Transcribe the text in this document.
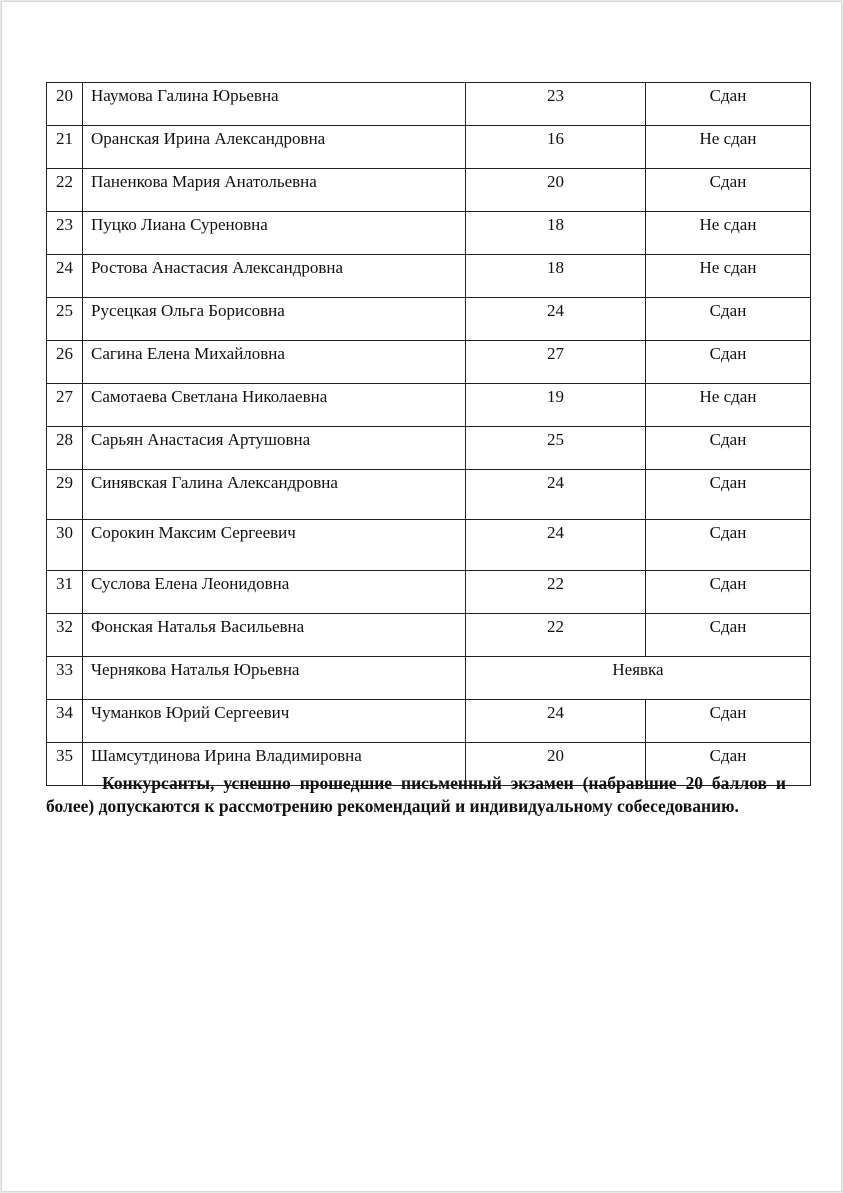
20	Наумова Галина Юрьевна	23	Сдан
21	Оранская Ирина Александровна	16	Не сдан
22	Паненкова Мария Анатольевна	20	Сдан
23	Пуцко Лиана Суреновна	18	Не сдан
24	Ростова Анастасия Александровна	18	Не сдан
25	Русецкая Ольга Борисовна	24	Сдан
26	Сагина Елена Михайловна	27	Сдан
27	Самотаева Светлана Николаевна	19	Не сдан
28	Сарьян Анастасия Артушовна	25	Сдан
29	Синявская Галина Александровна	24	Сдан
30	Сорокин Максим Сергеевич	24	Сдан
31	Суслова Елена Леонидовна	22	Сдан
32	Фонская Наталья Васильевна	22	Сдан
33	Чернякова Наталья Юрьевна	Неявка	
34	Чуманков Юрий Сергеевич	24	Сдан
35	Шамсутдинова Ирина Владимировна	20	Сдан

Конкурсанты, успешно прошедшие письменный экзамен (набравшие 20 баллов и более) допускаются к рассмотрению рекомендаций и индивидуальному собеседованию.
